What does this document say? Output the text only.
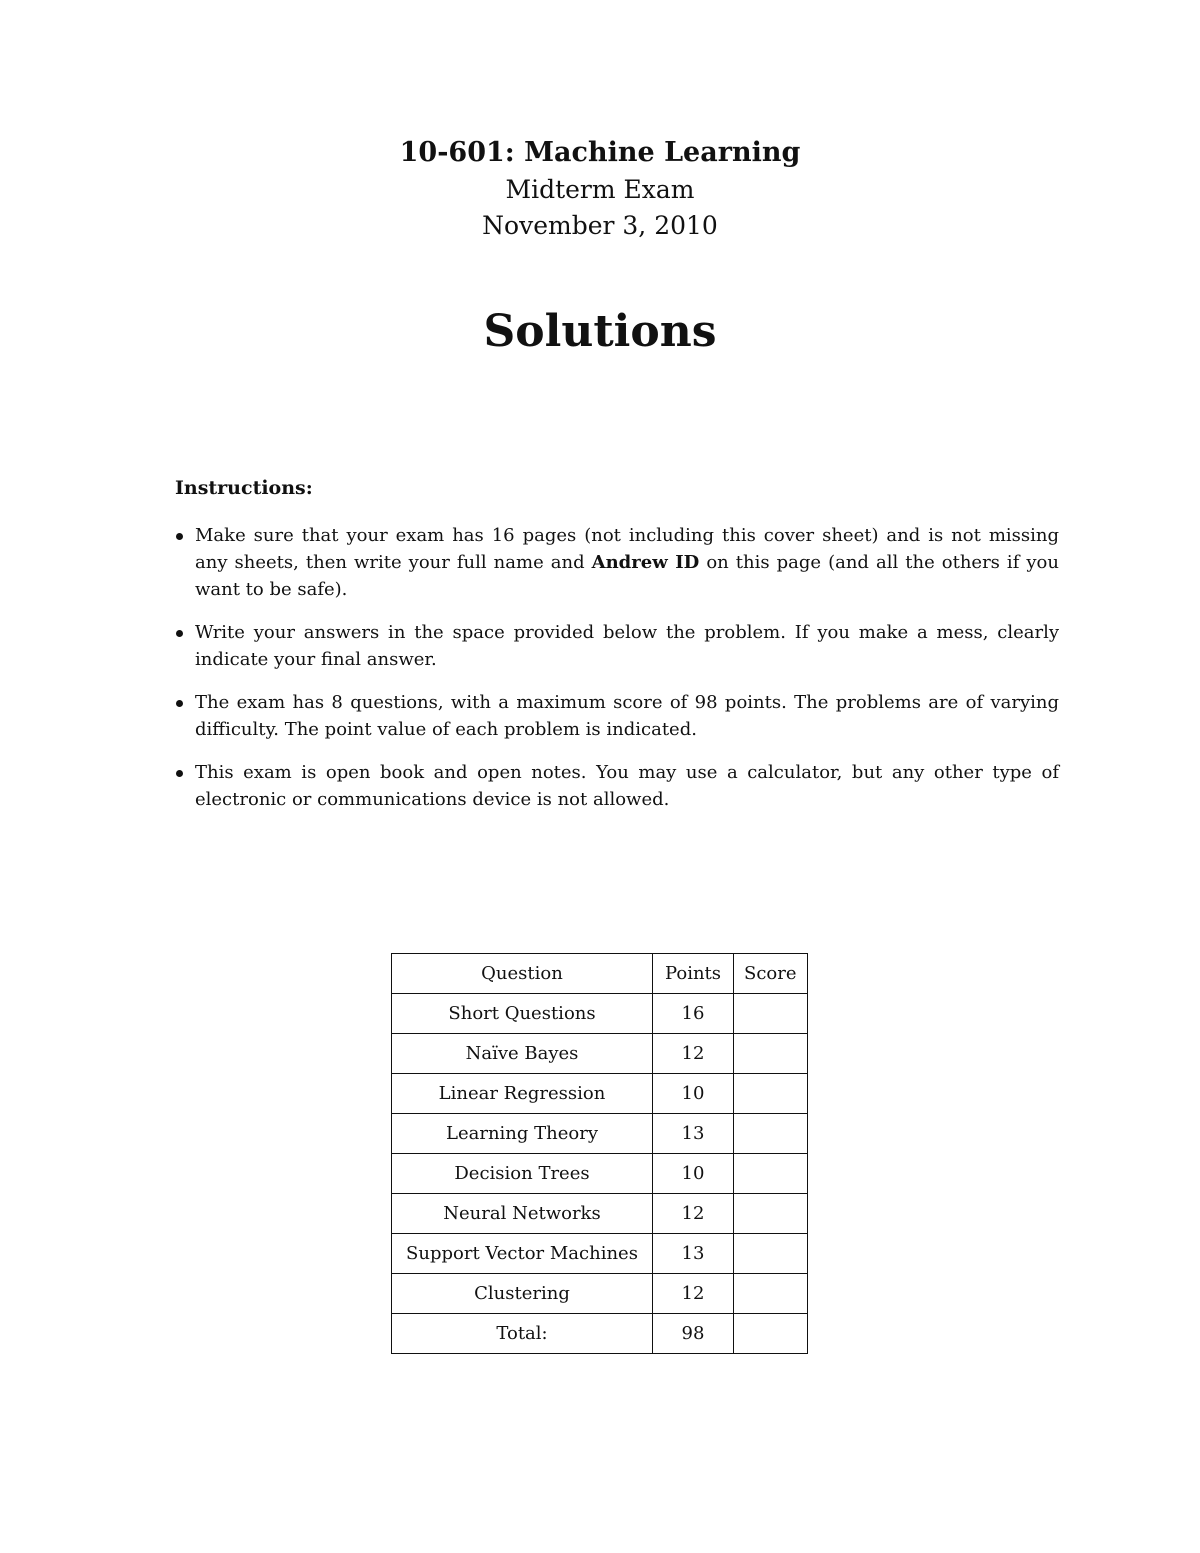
10-601: Machine Learning
Midterm Exam
November 3, 2010
Solutions
Instructions:
Make sure that your exam has 16 pages (not including this cover sheet) and is not missing any sheets, then write your full name and Andrew ID on this page (and all the others if you want to be safe).
Write your answers in the space provided below the problem. If you make a mess, clearly indicate your final answer.
The exam has 8 questions, with a maximum score of 98 points. The problems are of varying difficulty. The point value of each problem is indicated.
This exam is open book and open notes. You may use a calculator, but any other type of electronic or communications device is not allowed.
Question	Points	Score
Short Questions	16	
Naïve Bayes	12	
Linear Regression	10	
Learning Theory	13	
Decision Trees	10	
Neural Networks	12	
Support Vector Machines	13	
Clustering	12	
Total:	98	
